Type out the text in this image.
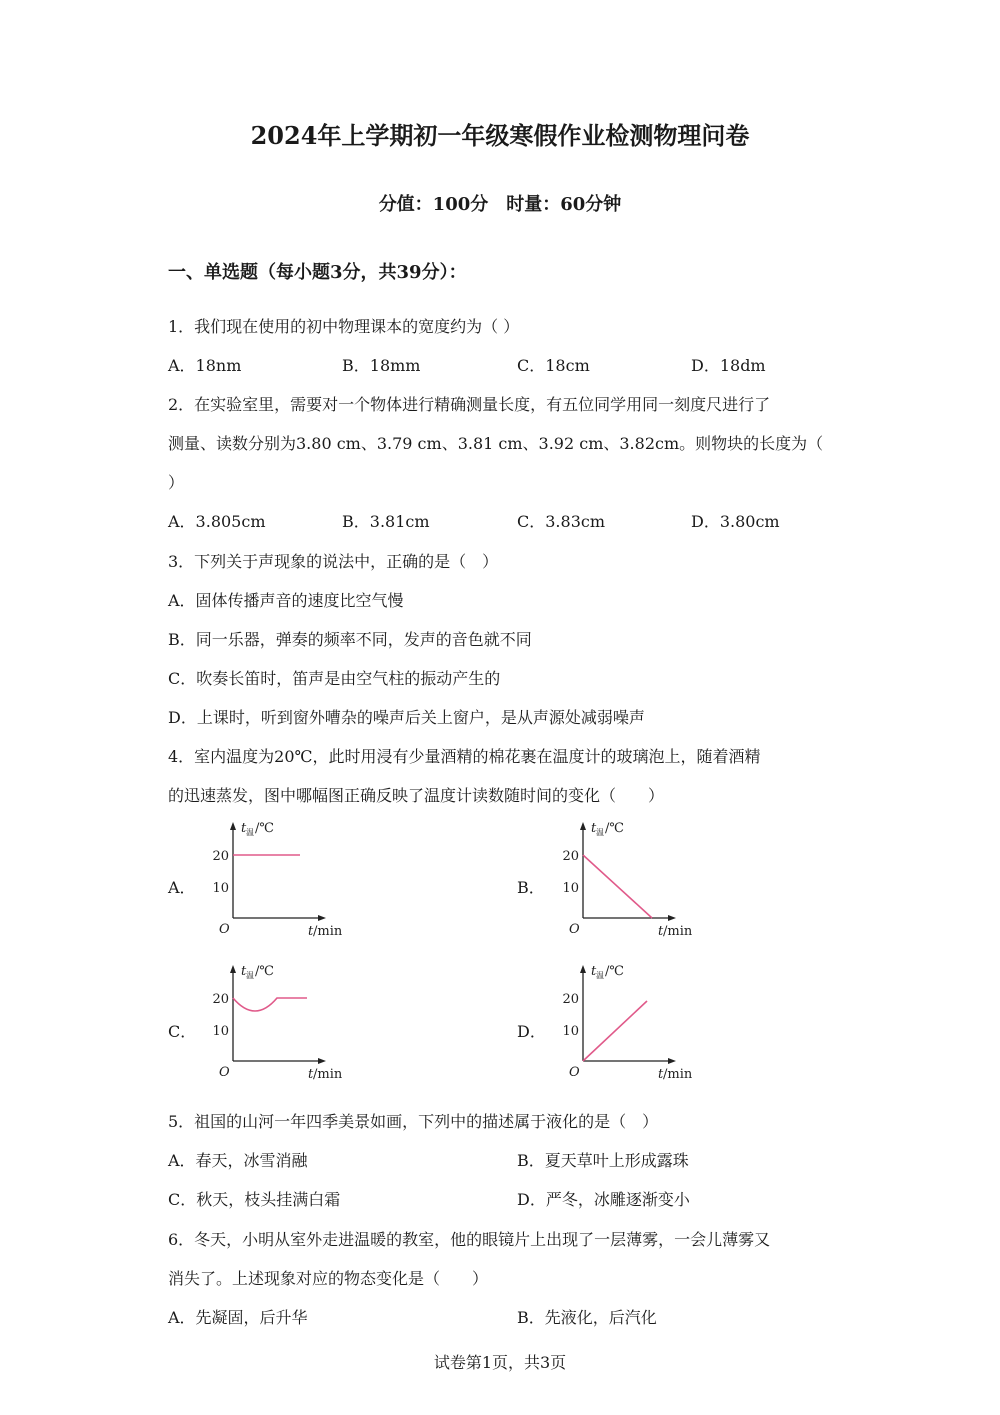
2024年上学期初一年级寒假作业检测物理问卷
分值：100分　时量：60分钟
一、单选题（每小题3分，共39分）：
1．我们现在使用的初中物理课本的宽度约为（ ）
A．18nm	B．18mm	C．18cm	D．18dm
2．在实验室里，需要对一个物体进行精确测量长度，有五位同学用同一刻度尺进行了
测量、读数分别为3.80 cm、3.79 cm、3.81 cm、3.92 cm、3.82cm。则物块的长度为（
）
A．3.805cm	B．3.81cm	C．3.83cm	D．3.80cm
3．下列关于声现象的说法中，正确的是（　）
A．固体传播声音的速度比空气慢
B．同一乐器，弹奏的频率不同，发声的音色就不同
C．吹奏长笛时，笛声是由空气柱的振动产生的
D．上课时，听到窗外嘈杂的噪声后关上窗户，是从声源处减弱噪声
4．室内温度为20℃，此时用浸有少量酒精的棉花裹在温度计的玻璃泡上，随着酒精
的迅速蒸发，图中哪幅图正确反映了温度计读数随时间的变化（　　）
A．	B．
C．	D．
t 温 /℃
20
10
O	t /min
t 温 /℃
20
10
O	t /min
t 温 /℃
20
10
O	t /min
t 温 /℃
20
10
O	t /min
5．祖国的山河一年四季美景如画，下列中的描述属于液化的是（　）
A．春天，冰雪消融	B．夏天草叶上形成露珠
C．秋天，枝头挂满白霜	D．严冬，冰雕逐渐变小
6．冬天，小明从室外走进温暖的教室，他的眼镜片上出现了一层薄雾，一会儿薄雾又
消失了。上述现象对应的物态变化是（　　）
A．先凝固，后升华	B．先液化，后汽化
试卷第1页，共3页
